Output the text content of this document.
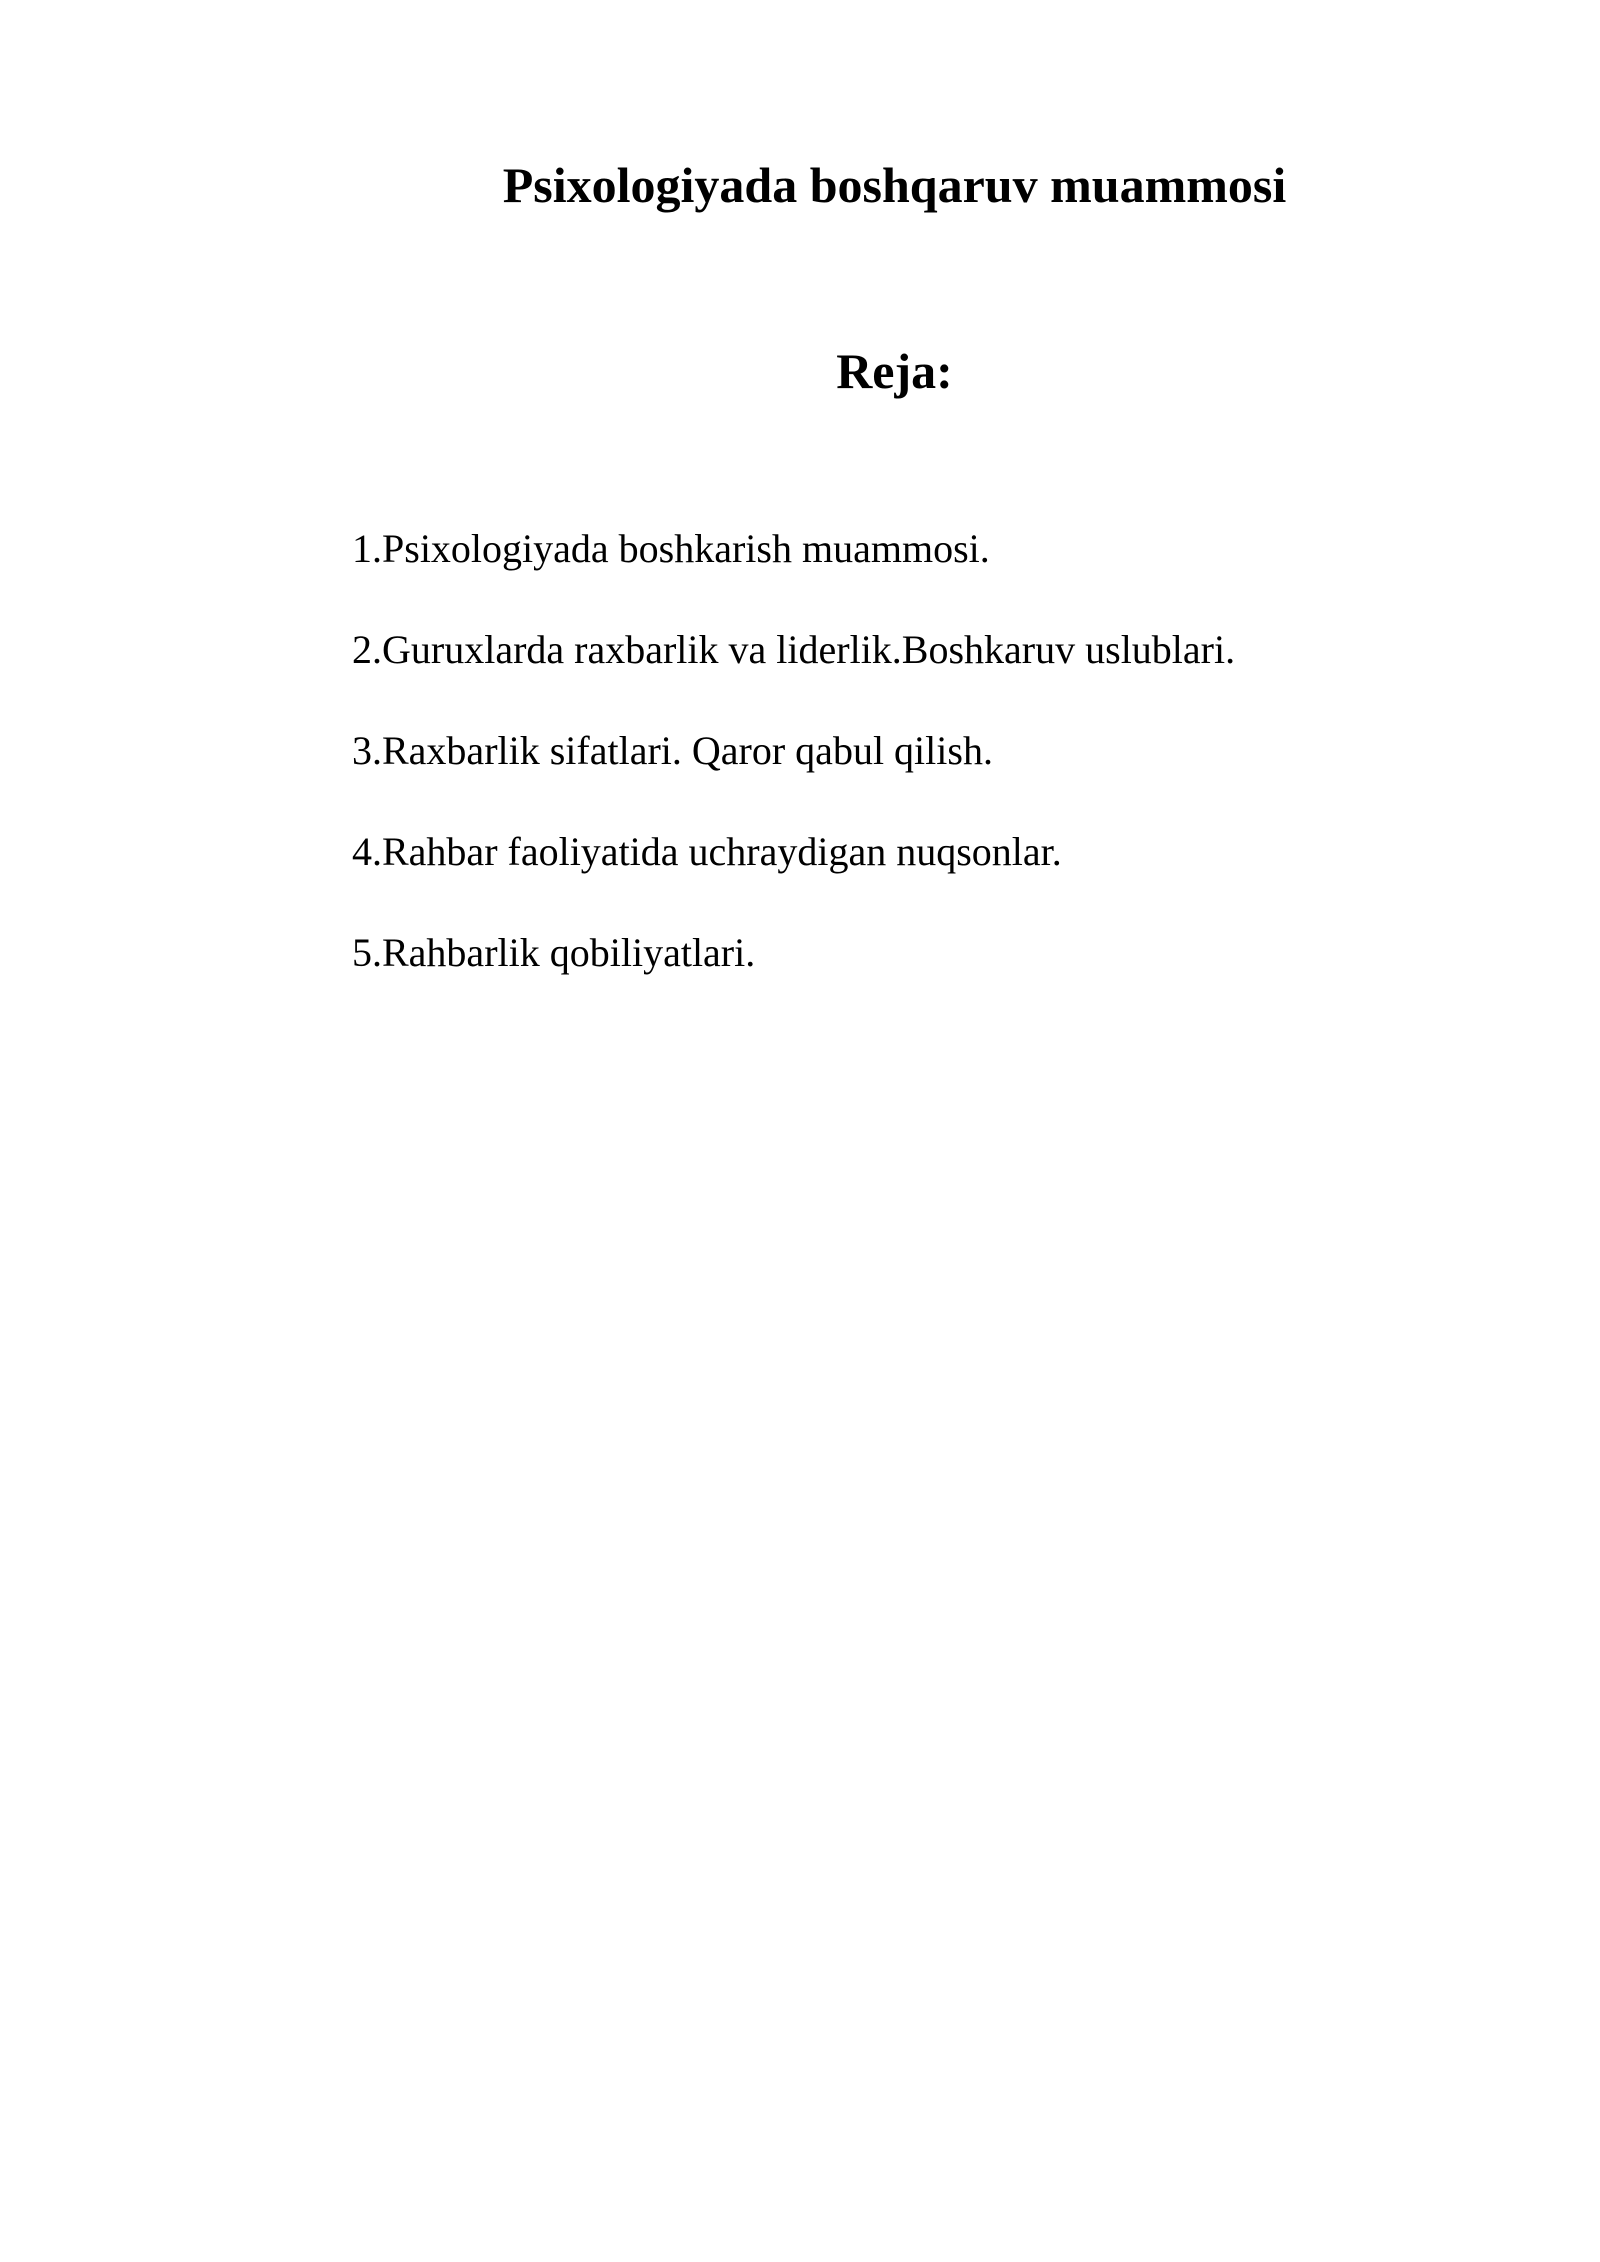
Psixologiyada boshqaruv muammosi
Reja:
1.Psixologiyada boshkarish muammosi.
2.Guruxlarda raxbarlik va liderlik.Boshkaruv uslublari.
3.Raxbarlik sifatlari. Qaror qabul qilish.
4.Rahbar faoliyatida uchraydigan nuqsonlar.
5.Rahbarlik qobiliyatlari.
